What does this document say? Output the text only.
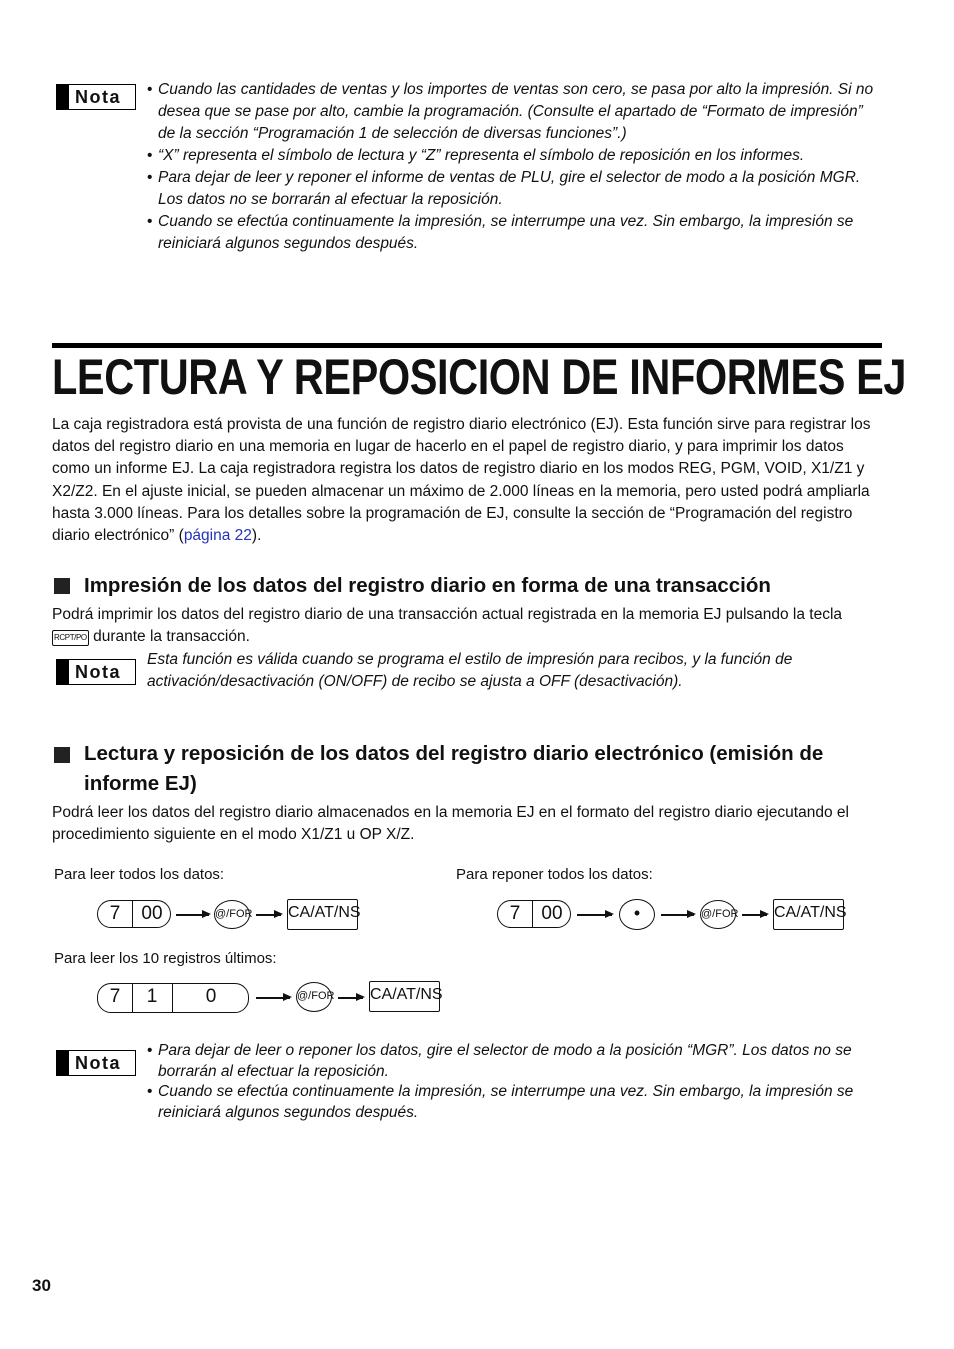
Nota
•	Cuando las cantidades de ventas y los importes de ventas son cero, se pasa por alto la impresión. Si no desea que se pase por alto, cambie la programación. (Consulte el apartado de “Formato de impresión” de la sección “Programación 1 de selección de diversas funciones”.)
• “X” representa el símbolo de lectura y “Z” representa el símbolo de reposición en los informes.
• Para dejar de leer y reponer el informe de ventas de PLU, gire el selector de modo a la posición MGR. Los datos no se borrarán al efectuar la reposición.
• Cuando se efectúa continuamente la impresión, se interrumpe una vez. Sin embargo, la impresión se reiniciará algunos segundos después.
LECTURA Y REPOSICION DE INFORMES EJ
La caja registradora está provista de una función de registro diario electrónico (EJ). Esta función sirve para registrar los datos del registro diario en una memoria en lugar de hacerlo en el papel de registro diario, y para imprimir los datos como un informe EJ. La caja registradora registra los datos de registro diario en los modos REG, PGM, VOID, X1/Z1 y X2/Z2. En el ajuste inicial, se pueden almacenar un máximo de 2.000 líneas en la memoria, pero usted podrá ampliarla hasta 3.000 líneas. Para los detalles sobre la programación de EJ, consulte la sección de “Programación del registro diario electrónico” (página 22).
Impresión de los datos del registro diario en forma de una transacción
Podrá imprimir los datos del registro diario de una transacción actual registrada en la memoria EJ pulsando la tecla RCPT/PO durante la transacción.
Nota
Esta función es válida cuando se programa el estilo de impresión para recibos, y la función de activación/desactivación (ON/OFF) de recibo se ajusta a OFF (desactivación).
Lectura y reposición de los datos del registro diario electrónico (emisión de informe EJ)
Podrá leer los datos del registro diario almacenados en la memoria EJ en el formato del registro diario ejecutando el procedimiento siguiente en el modo X1/Z1 u OP X/Z.
Para leer todos los datos:	Para reponer todos los datos:
7	00	@/FOR CA/AT/NS	7	00	•	@/FOR CA/AT/NS
Para leer los 10 registros últimos:
7	1	0	@/FOR CA/AT/NS
Nota
• Para dejar de leer o reponer los datos, gire el selector de modo a la posición “MGR”. Los datos no se borrarán al efectuar la reposición.
• Cuando se efectúa continuamente la impresión, se interrumpe una vez. Sin embargo, la impresión se reiniciará algunos segundos después.
30
